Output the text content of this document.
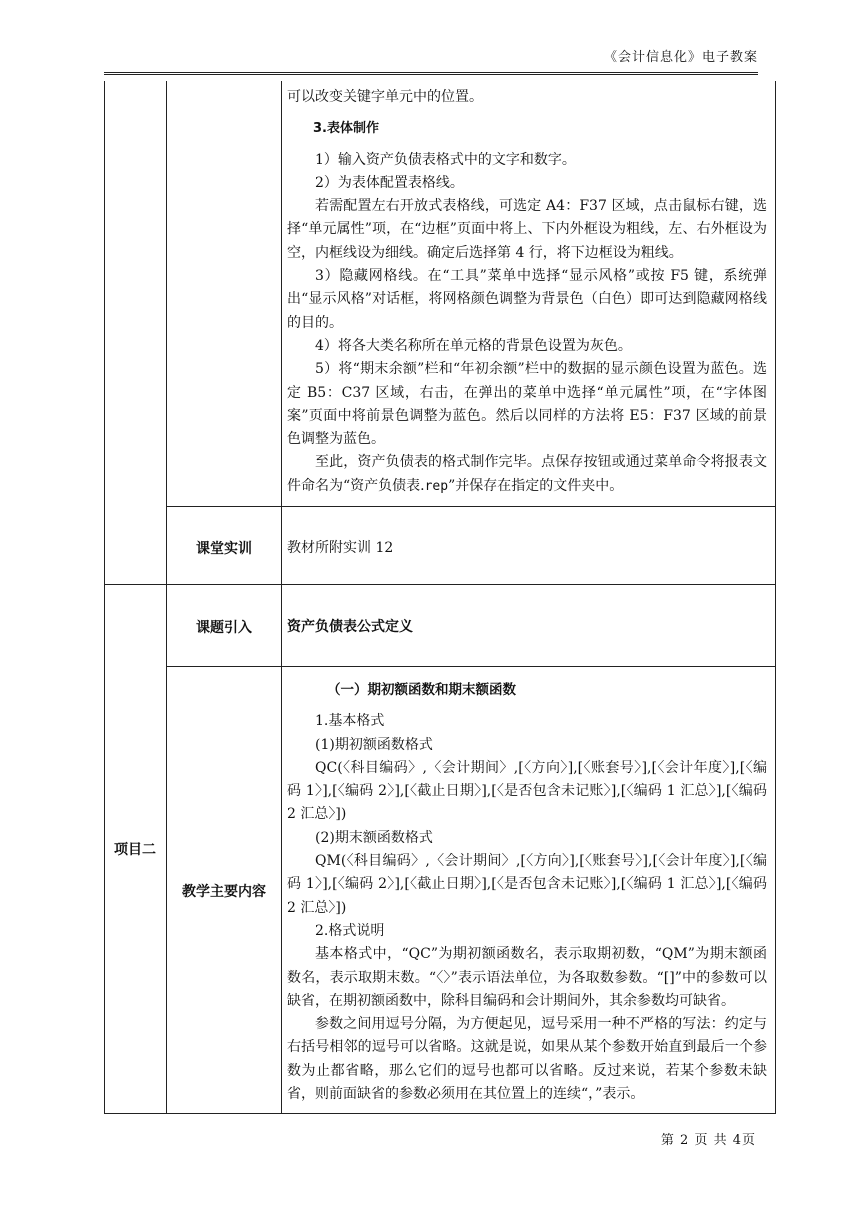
《会计信息化》电子教案
课堂实训
课题引入
教学主要内容
项目二

可以改变关键字单元中的位置。

3.表体制作

1）输入资产负债表格式中的文字和数字。

2）为表体配置表格线。

若需配置左右开放式表格线，可选定 A4：F37 区域，点击鼠标右键，选择“单元属性”项，在“边框”页面中将上、下内外框设为粗线，左、右外框设为空，内框线设为细线。确定后选择第 4 行，将下边框设为粗线。

3）隐藏网格线。在“工具”菜单中选择“显示风格”或按 F5 键，系统弹出“显示风格”对话框，将网格颜色调整为背景色（白色）即可达到隐藏网格线的目的。

4）将各大类名称所在单元格的背景色设置为灰色。

5）将“期末余额”栏和“年初余额”栏中的数据的显示颜色设置为蓝色。选定 B5：C37 区域，右击，在弹出的菜单中选择“单元属性”项，在“字体图案”页面中将前景色调整为蓝色。然后以同样的方法将 E5：F37 区域的前景色调整为蓝色。

至此，资产负债表的格式制作完毕。点保存按钮或通过菜单命令将报表文件命名为“资产负债表.rep”并保存在指定的文件夹中。

教材所附实训 12
资产负债表公式定义

（一）期初额函数和期末额函数

1.基本格式

(1)期初额函数格式

QC(〈科目编码〉,〈会计期间〉,[〈方向〉],[〈账套号〉],[〈会计年度〉],[〈编码 1〉],[〈编码 2〉],[〈截止日期〉],[〈是否包含未记账〉],[〈编码 1 汇总〉],[〈编码 2 汇总〉])

(2)期末额函数格式

QM(〈科目编码〉,〈会计期间〉,[〈方向〉],[〈账套号〉],[〈会计年度〉],[〈编码 1〉],[〈编码 2〉],[〈截止日期〉],[〈是否包含未记账〉],[〈编码 1 汇总〉],[〈编码 2 汇总〉])

2.格式说明

基本格式中，“QC”为期初额函数名，表示取期初数，“QM”为期末额函数名，表示取期末数。“〈〉”表示语法单位，为各取数参数。“[]”中的参数可以缺省，在期初额函数中，除科目编码和会计期间外，其余参数均可缺省。

参数之间用逗号分隔，为方便起见，逗号采用一种不严格的写法：约定与右括号相邻的逗号可以省略。这就是说，如果从某个参数开始直到最后一个参数为止都省略，那么它们的逗号也都可以省略。反过来说，若某个参数未缺省，则前面缺省的参数必须用在其位置上的连续“，”表示。

第 2 页 共 4页
